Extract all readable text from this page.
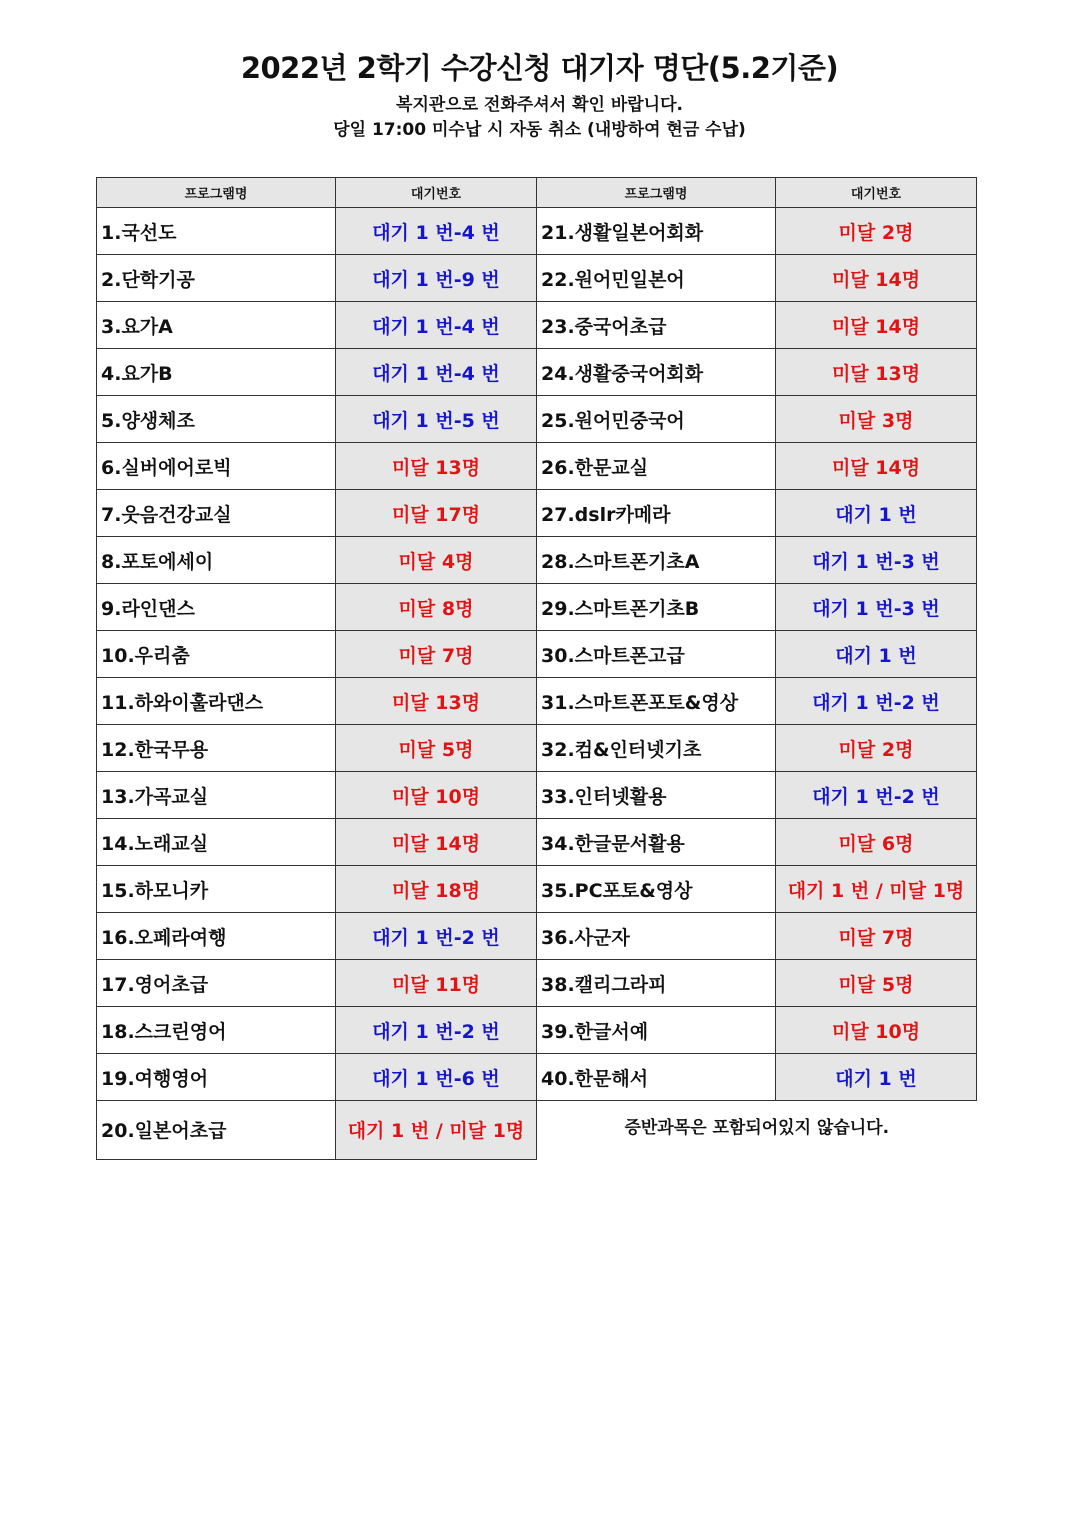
2022년 2학기 수강신청 대기자 명단(5.2기준)
복지관으로 전화주셔서 확인 바랍니다.
당일 17:00 미수납 시 자동 취소 (내방하여 현금 수납)
프로그램명	대기번호	프로그램명	대기번호
1.국선도	대기 1 번-4 번	21.생활일본어회화	미달 2명
2.단학기공	대기 1 번-9 번	22.원어민일본어	미달 14명
3.요가A	대기 1 번-4 번	23.중국어초급	미달 14명
4.요가B	대기 1 번-4 번	24.생활중국어회화	미달 13명
5.양생체조	대기 1 번-5 번	25.원어민중국어	미달 3명
6.실버에어로빅	미달 13명	26.한문교실	미달 14명
7.웃음건강교실	미달 17명	27.dslr카메라	대기 1 번
8.포토에세이	미달 4명	28.스마트폰기초A	대기 1 번-3 번
9.라인댄스	미달 8명	29.스마트폰기초B	대기 1 번-3 번
10.우리춤	미달 7명	30.스마트폰고급	대기 1 번
11.하와이훌라댄스	미달 13명	31.스마트폰포토&영상	대기 1 번-2 번
12.한국무용	미달 5명	32.컴&인터넷기초	미달 2명
13.가곡교실	미달 10명	33.인터넷활용	대기 1 번-2 번
14.노래교실	미달 14명	34.한글문서활용	미달 6명
15.하모니카	미달 18명	35.PC포토&영상	대기 1 번 / 미달 1명
16.오페라여행	대기 1 번-2 번	36.사군자	미달 7명
17.영어초급	미달 11명	38.캘리그라피	미달 5명
18.스크린영어	대기 1 번-2 번	39.한글서예	미달 10명
19.여행영어	대기 1 번-6 번	40.한문해서	대기 1 번
20.일본어초급	대기 1 번 / 미달 1명	증반과목은 포함되어있지 않습니다.	
